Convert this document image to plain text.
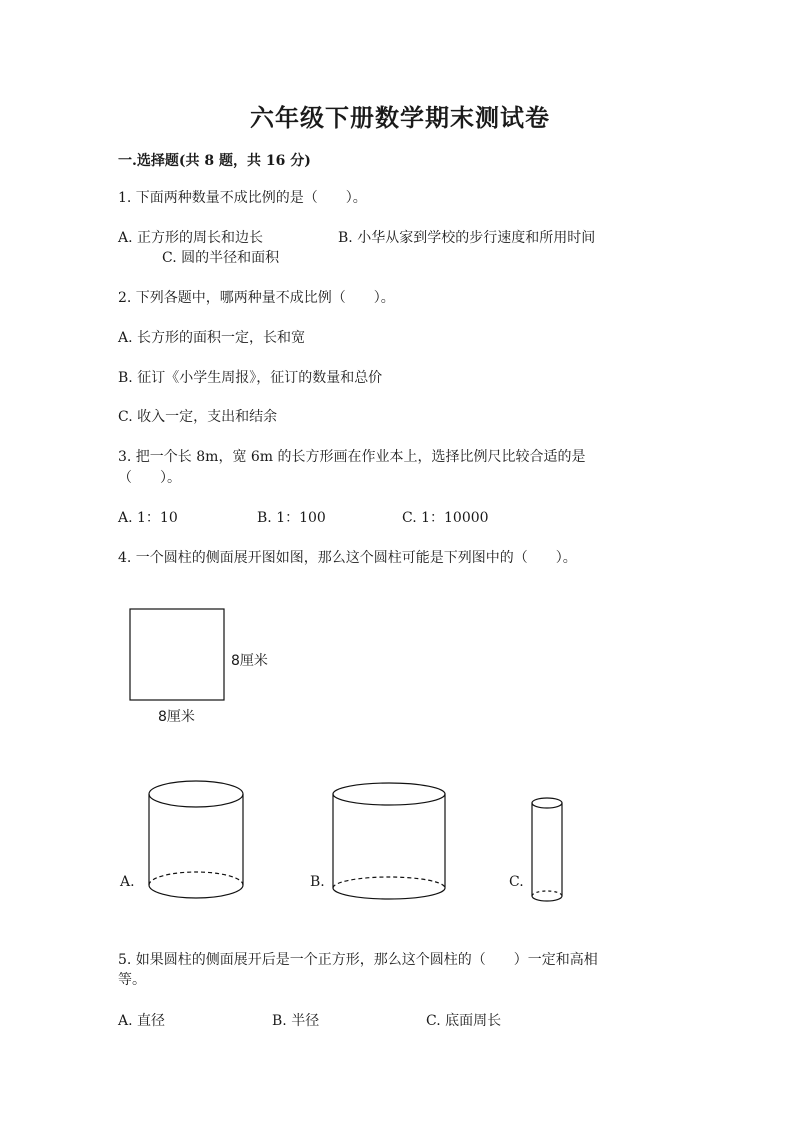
六年级下册数学期末测试卷
一.选择题(共 8 题，共 16 分)
1. 下面两种数量不成比例的是（　　）。
A. 正方形的周长和边长	B. 小华从家到学校的步行速度和所用时间
C. 圆的半径和面积
2. 下列各题中，哪两种量不成比例（　　）。
A. 长方形的面积一定，长和宽
B. 征订《小学生周报》，征订的数量和总价
C. 收入一定，支出和结余
3. 把一个长 8m，宽 6m 的长方形画在作业本上，选择比例尺比较合适的是
（　　）。
A. 1：10	B. 1：100	C. 1：10000
4. 一个圆柱的侧面展开图如图，那么这个圆柱可能是下列图中的（　　）。
8厘米
8厘米
A.	B.	C.
5. 如果圆柱的侧面展开后是一个正方形，那么这个圆柱的（　　）一定和高相
等。
A. 直径	B. 半径	C. 底面周长
